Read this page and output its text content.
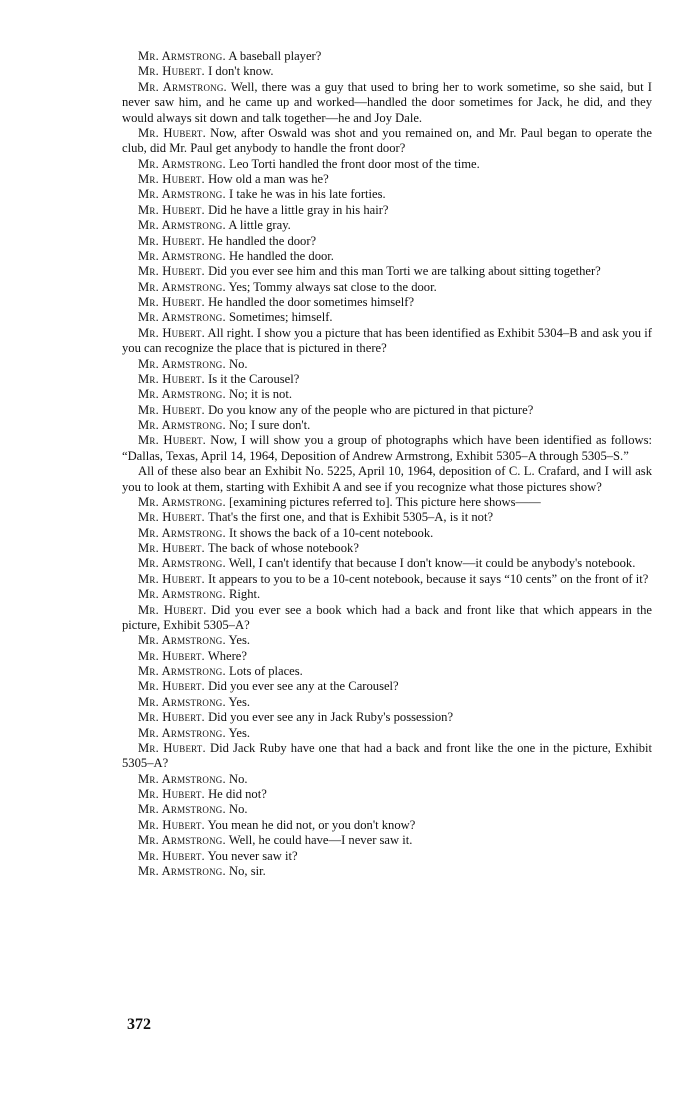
Mr. Armstrong. A baseball player?

Mr. Hubert. I don't know.

Mr. Armstrong. Well, there was a guy that used to bring her to work sometime, so she said, but I never saw him, and he came up and worked—handled the door sometimes for Jack, he did, and they would always sit down and talk together—he and Joy Dale.

Mr. Hubert. Now, after Oswald was shot and you remained on, and Mr. Paul began to operate the club, did Mr. Paul get anybody to handle the front door?

Mr. Armstrong. Leo Torti handled the front door most of the time.

Mr. Hubert. How old a man was he?

Mr. Armstrong. I take he was in his late forties.

Mr. Hubert. Did he have a little gray in his hair?

Mr. Armstrong. A little gray.

Mr. Hubert. He handled the door?

Mr. Armstrong. He handled the door.

Mr. Hubert. Did you ever see him and this man Torti we are talking about sitting together?

Mr. Armstrong. Yes; Tommy always sat close to the door.

Mr. Hubert. He handled the door sometimes himself?

Mr. Armstrong. Sometimes; himself.

Mr. Hubert. All right. I show you a picture that has been identified as Exhibit 5304–B and ask you if you can recognize the place that is pictured in there?

Mr. Armstrong. No.

Mr. Hubert. Is it the Carousel?

Mr. Armstrong. No; it is not.

Mr. Hubert. Do you know any of the people who are pictured in that picture?

Mr. Armstrong. No; I sure don't.

Mr. Hubert. Now, I will show you a group of photographs which have been identified as follows: “Dallas, Texas, April 14, 1964, Deposition of Andrew Armstrong, Exhibit 5305–A through 5305–S.”

All of these also bear an Exhibit No. 5225, April 10, 1964, deposition of C. L. Crafard, and I will ask you to look at them, starting with Exhibit A and see if you recognize what those pictures show?

Mr. Armstrong. [examining pictures referred to]. This picture here shows——

Mr. Hubert. That's the first one, and that is Exhibit 5305–A, is it not?

Mr. Armstrong. It shows the back of a 10-cent notebook.

Mr. Hubert. The back of whose notebook?

Mr. Armstrong. Well, I can't identify that because I don't know—it could be anybody's notebook.

Mr. Hubert. It appears to you to be a 10-cent notebook, because it says “10 cents” on the front of it?

Mr. Armstrong. Right.

Mr. Hubert. Did you ever see a book which had a back and front like that which appears in the picture, Exhibit 5305–A?

Mr. Armstrong. Yes.

Mr. Hubert. Where?

Mr. Armstrong. Lots of places.

Mr. Hubert. Did you ever see any at the Carousel?

Mr. Armstrong. Yes.

Mr. Hubert. Did you ever see any in Jack Ruby's possession?

Mr. Armstrong. Yes.

Mr. Hubert. Did Jack Ruby have one that had a back and front like the one in the picture, Exhibit 5305–A?

Mr. Armstrong. No.

Mr. Hubert. He did not?

Mr. Armstrong. No.

Mr. Hubert. You mean he did not, or you don't know?

Mr. Armstrong. Well, he could have—I never saw it.

Mr. Hubert. You never saw it?

Mr. Armstrong. No, sir.

372
